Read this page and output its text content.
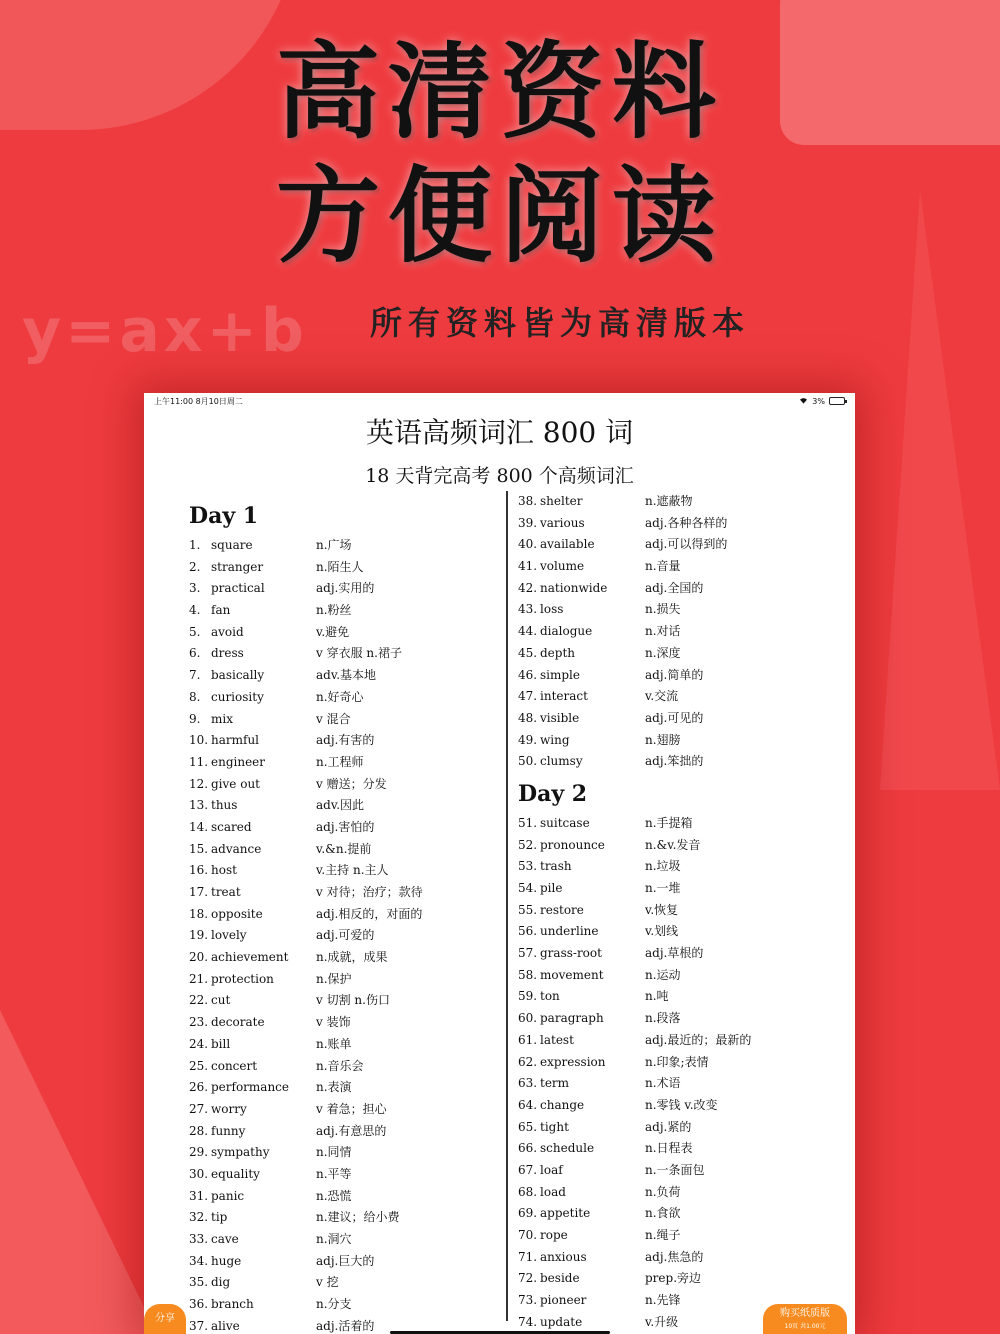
y=ax+b
高清资料
方便阅读
所有资料皆为高清版本
上午11:00 8月10日周二	3%
英语高频词汇 800 词
18 天背完高考 800 个高频词汇
Day 1
1. square	n.广场
2. stranger	n.陌生人
3. practical	adj.实用的
4. fan	n.粉丝
5. avoid	v.避免
6. dress	v 穿衣服 n.裙子
7. basically	adv.基本地
8. curiosity	n.好奇心
9. mix	v 混合
10. harmful	adj.有害的
11. engineer	n.工程师
12. give out	v 赠送；分发
13. thus	adv.因此
14. scared	adj.害怕的
15. advance	v.&n.提前
16. host	v.主持 n.主人
17. treat	v 对待；治疗；款待
18. opposite	adj.相反的，对面的
19. lovely	adj.可爱的
20. achievement	n.成就，成果
21. protection	n.保护
22. cut	v 切割 n.伤口
23. decorate	v 装饰
24. bill	n.账单
25. concert	n.音乐会
26. performance	n.表演
27. worry	v 着急；担心
28. funny	adj.有意思的
29. sympathy	n.同情
30. equality	n.平等
31. panic	n.恐慌
32. tip	n.建议；给小费
33. cave	n.洞穴
34. huge	adj.巨大的
35. dig	v 挖
36. branch	n.分支
37. alive	adj.活着的
38. shelter	n.遮蔽物
39. various	adj.各种各样的
40. available	adj.可以得到的
41. volume	n.音量
42. nationwide	adj.全国的
43. loss	n.损失
44. dialogue	n.对话
45. depth	n.深度
46. simple	adj.简单的
47. interact	v.交流
48. visible	adj.可见的
49. wing	n.翅膀
50. clumsy	adj.笨拙的
Day 2
51. suitcase	n.手提箱
52. pronounce	n.&v.发音
53. trash	n.垃圾
54. pile	n.一堆
55. restore	v.恢复
56. underline	v.划线
57. grass-root	adj.草根的
58. movement	n.运动
59. ton	n.吨
60. paragraph	n.段落
61. latest	adj.最近的；最新的
62. expression	n.印象;表情
63. term	n.术语
64. change	n.零钱 v.改变
65. tight	adj.紧的
66. schedule	n.日程表
67. loaf	n.一条面包
68. load	n.负荷
69. appetite	n.食欲
70. rope	n.绳子
71. anxious	adj.焦急的
72. beside	prep.旁边
73. pioneer	n.先锋
74. update	v.升级
分享	购买纸质版
10页 共1.00元
